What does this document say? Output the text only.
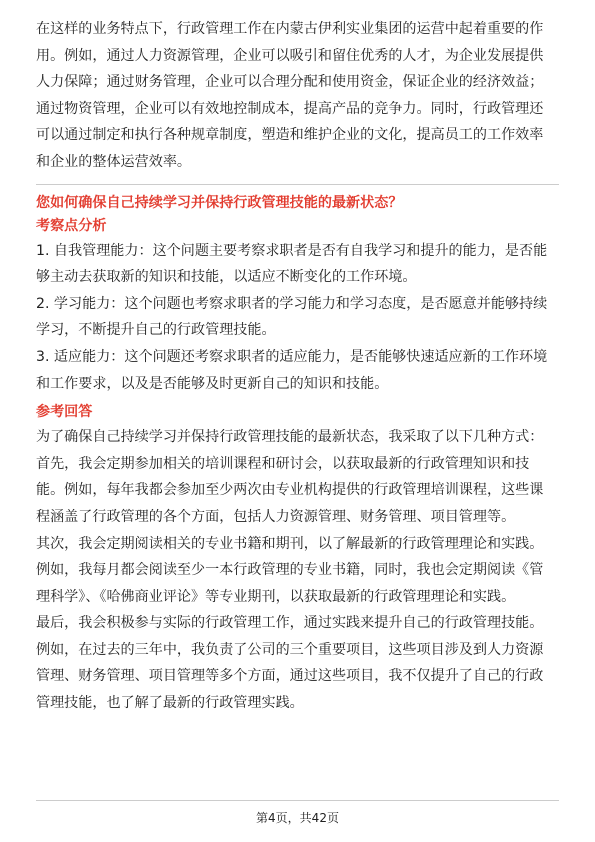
在这样的业务特点下，行政管理工作在内蒙古伊利实业集团的运营中起着重要的作
用。例如，通过人力资源管理，企业可以吸引和留住优秀的人才，为企业发展提供
人力保障；通过财务管理，企业可以合理分配和使用资金，保证企业的经济效益；
通过物资管理，企业可以有效地控制成本，提高产品的竞争力。同时，行政管理还
可以通过制定和执行各种规章制度，塑造和维护企业的文化，提高员工的工作效率
和企业的整体运营效率。

您如何确保自己持续学习并保持行政管理技能的最新状态？

考察点分析

1. 自我管理能力：这个问题主要考察求职者是否有自我学习和提升的能力，是否能
够主动去获取新的知识和技能，以适应不断变化的工作环境。
2. 学习能力：这个问题也考察求职者的学习能力和学习态度，是否愿意并能够持续
学习，不断提升自己的行政管理技能。
3. 适应能力：这个问题还考察求职者的适应能力，是否能够快速适应新的工作环境
和工作要求，以及是否能够及时更新自己的知识和技能。

参考回答

为了确保自己持续学习并保持行政管理技能的最新状态，我采取了以下几种方式：
首先，我会定期参加相关的培训课程和研讨会，以获取最新的行政管理知识和技
能。例如，每年我都会参加至少两次由专业机构提供的行政管理培训课程，这些课
程涵盖了行政管理的各个方面，包括人力资源管理、财务管理、项目管理等。
其次，我会定期阅读相关的专业书籍和期刊，以了解最新的行政管理理论和实践。
例如，我每月都会阅读至少一本行政管理的专业书籍，同时，我也会定期阅读《管
理科学》、《哈佛商业评论》等专业期刊，以获取最新的行政管理理论和实践。
最后，我会积极参与实际的行政管理工作，通过实践来提升自己的行政管理技能。
例如，在过去的三年中，我负责了公司的三个重要项目，这些项目涉及到人力资源
管理、财务管理、项目管理等多个方面，通过这些项目，我不仅提升了自己的行政
管理技能，也了解了最新的行政管理实践。

第4页，共42页
